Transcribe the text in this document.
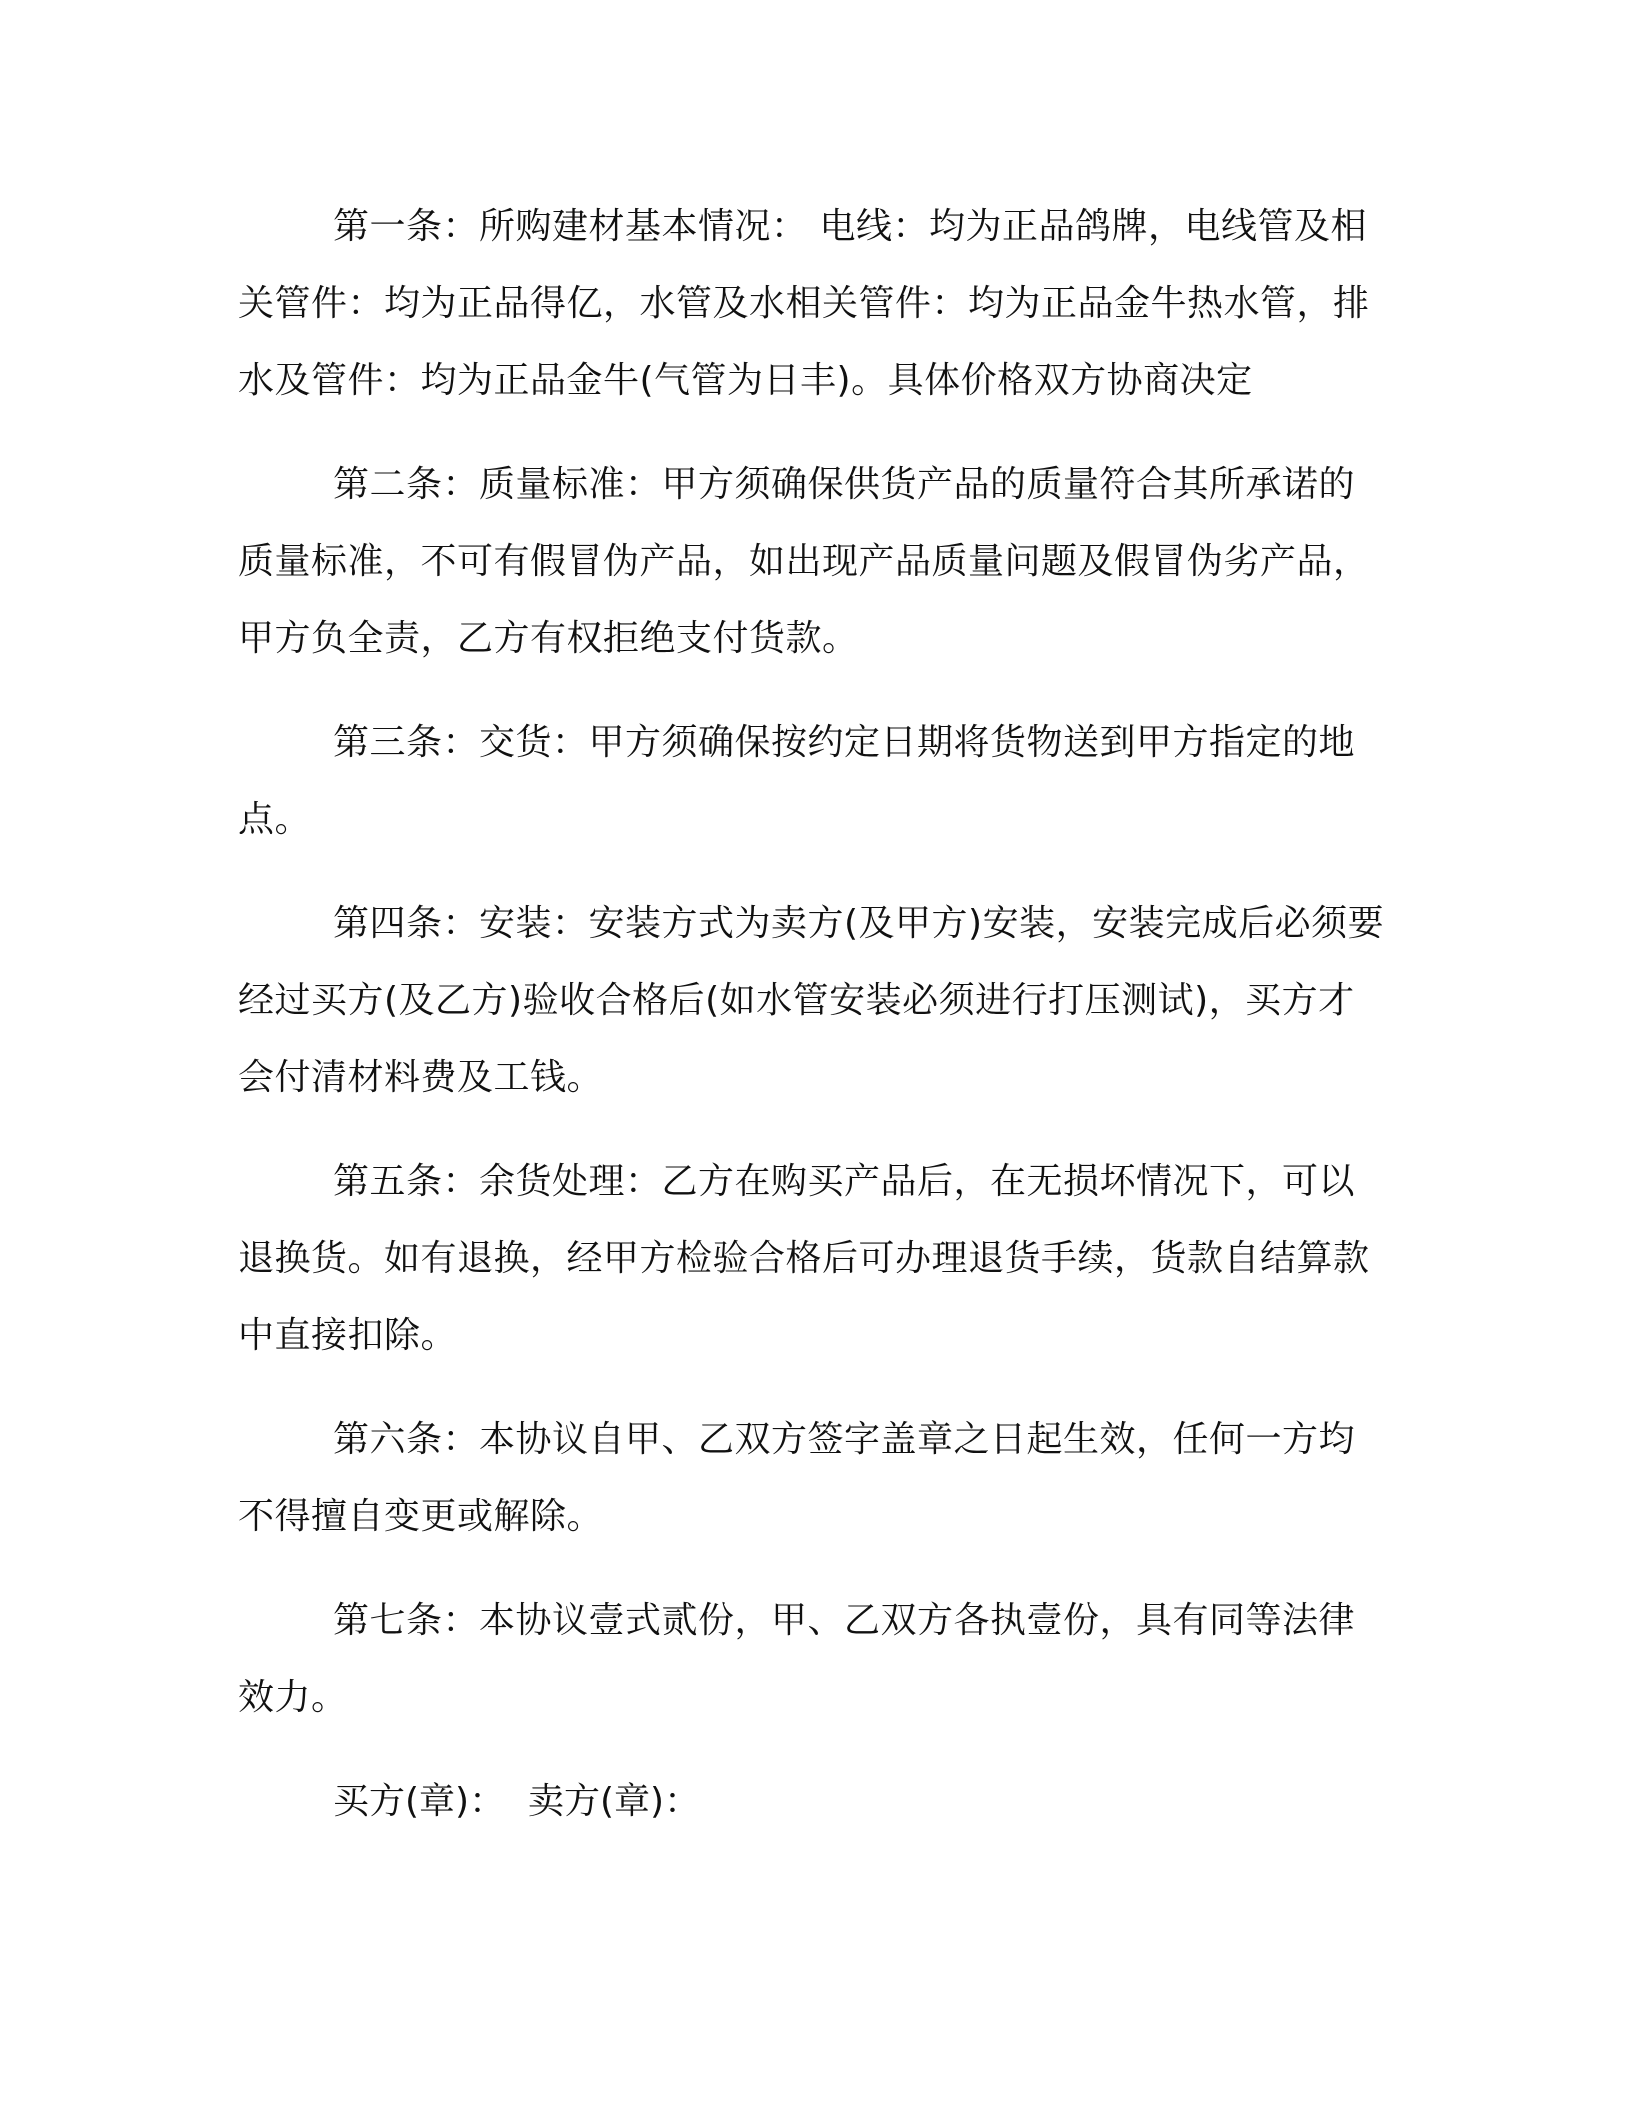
第一条：所购建材基本情况： 电线：均为正品鸽牌，电线管及相关管件：均为正品得亿，水管及水相关管件：均为正品金牛热水管，排水及管件：均为正品金牛(气管为日丰)。具体价格双方协商决定

第二条：质量标准：甲方须确保供货产品的质量符合其所承诺的质量标准，不可有假冒伪产品，如出现产品质量问题及假冒伪劣产品，甲方负全责，乙方有权拒绝支付货款。

第三条：交货：甲方须确保按约定日期将货物送到甲方指定的地点。

第四条：安装：安装方式为卖方(及甲方)安装，安装完成后必须要经过买方(及乙方)验收合格后(如水管安装必须进行打压测试)，买方才会付清材料费及工钱。

第五条：余货处理：乙方在购买产品后，在无损坏情况下，可以退换货。如有退换，经甲方检验合格后可办理退货手续，货款自结算款中直接扣除。

第六条：本协议自甲、乙双方签字盖章之日起生效，任何一方均不得擅自变更或解除。

第七条：本协议壹式贰份，甲、乙双方各执壹份，具有同等法律效力。

买方(章)：  卖方(章)：
